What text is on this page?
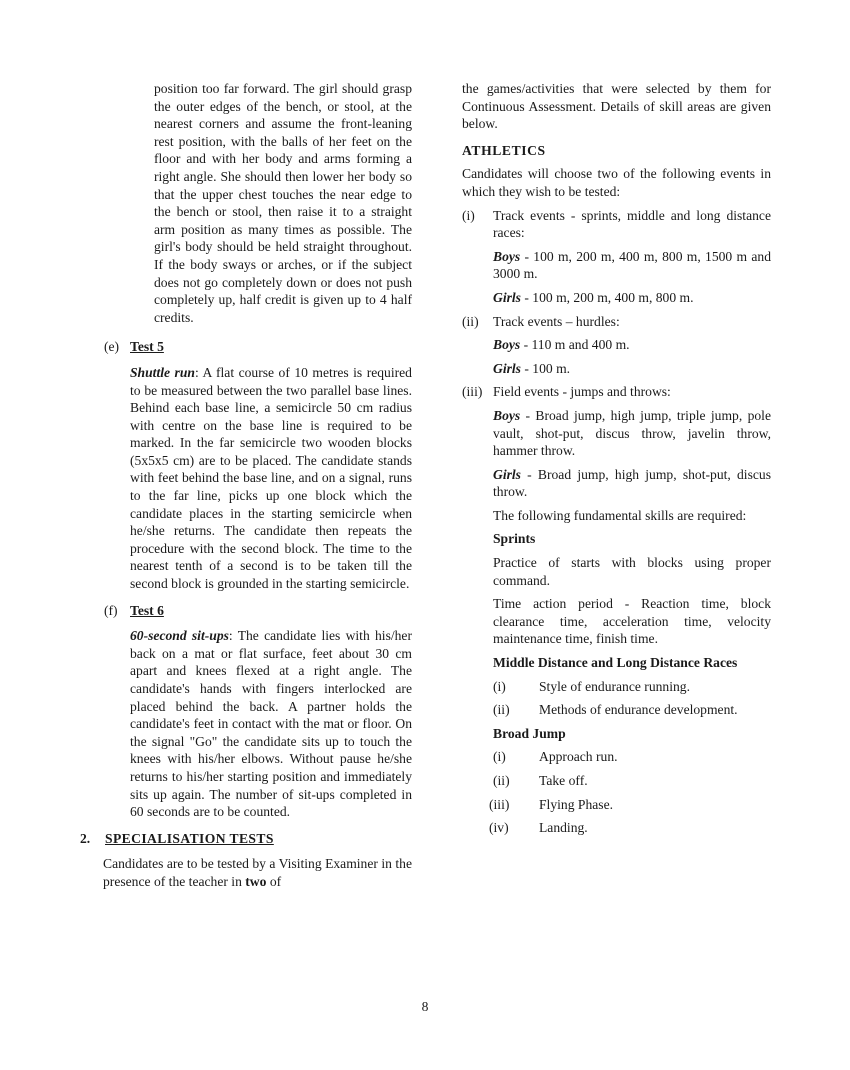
position too far forward. The girl should grasp the outer edges of the bench, or stool, at the nearest corners and assume the front-leaning rest position, with the balls of her feet on the floor and with her body and arms forming a right angle. She should then lower her body so that the upper chest touches the near edge to the bench or stool, then raise it to a straight arm position as many times as possible. The girl's body should be held straight throughout. If the body sways or arches, or if the subject does not go completely down or does not push completely up, half credit is given up to 4 half credits.

(e) Test 5

Shuttle run: A flat course of 10 metres is required to be measured between the two parallel base lines. Behind each base line, a semicircle 50 cm radius with centre on the base line is required to be marked. In the far semicircle two wooden blocks (5x5x5 cm) are to be placed. The candidate stands with feet behind the base line, and on a signal, runs to the far line, picks up one block which the candidate places in the starting semicircle when he/she returns. The candidate then repeats the procedure with the second block. The time to the nearest tenth of a second is to be taken till the second block is grounded in the starting semicircle.

(f) Test 6

60-second sit-ups: The candidate lies with his/her back on a mat or flat surface, feet about 30 cm apart and knees flexed at a right angle. The candidate's hands with fingers interlocked are placed behind the back. A partner holds the candidate's feet in contact with the mat or floor. On the signal "Go" the candidate sits up to touch the knees with his/her elbows. Without pause he/she returns to his/her starting position and immediately sits up again. The number of sit-ups completed in 60 seconds are to be counted.

2. SPECIALISATION TESTS

Candidates are to be tested by a Visiting Examiner in the presence of the teacher in two of

the games/activities that were selected by them for Continuous Assessment. Details of skill areas are given below.

ATHLETICS

Candidates will choose two of the following events in which they wish to be tested:

(i) Track events - sprints, middle and long distance races:

Boys - 100 m, 200 m, 400 m, 800 m, 1500 m and 3000 m.

Girls - 100 m, 200 m, 400 m, 800 m.

(ii) Track events – hurdles:

Boys - 110 m and 400 m.

Girls - 100 m.

(iii) Field events - jumps and throws:

Boys - Broad jump, high jump, triple jump, pole vault, shot-put, discus throw, javelin throw, hammer throw.

Girls - Broad jump, high jump, shot-put, discus throw.

The following fundamental skills are required:

Sprints

Practice of starts with blocks using proper command.

Time action period - Reaction time, block clearance time, acceleration time, velocity maintenance time, finish time.

Middle Distance and Long Distance Races

(i) Style of endurance running.

(ii) Methods of endurance development.

Broad Jump

(i) Approach run.

(ii) Take off.

(iii) Flying Phase.

(iv) Landing.

8
